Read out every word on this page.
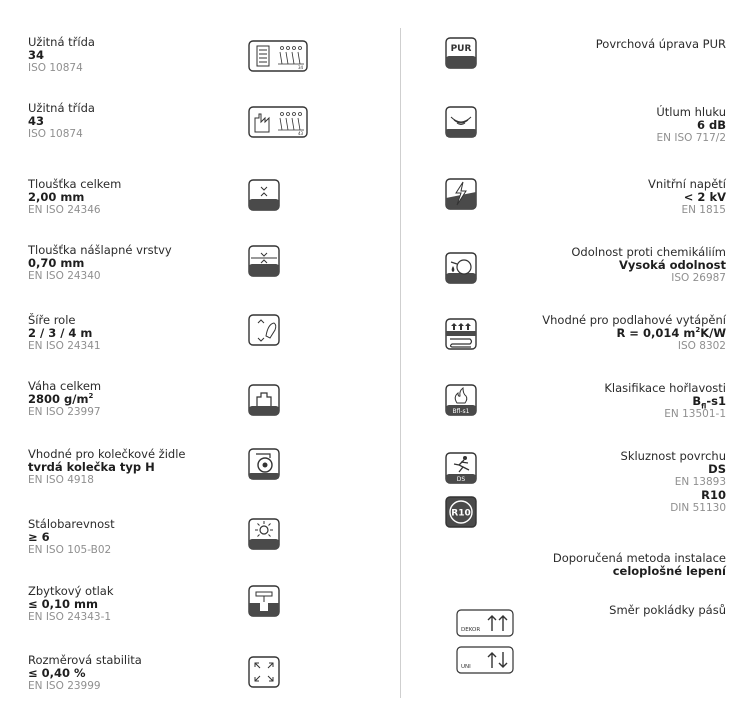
Užitná třída
34
ISO 10874	34
Užitná třída
43
ISO 10874	43
Tloušťka celkem
2,00 mm
EN ISO 24346
Tloušťka nášlapné vrstvy
0,70 mm
EN ISO 24340
Šíře role
2 / 3 / 4 m
EN ISO 24341
Váha celkem
2800 $g/m^2$
EN ISO 23997
Vhodné pro kolečkové židle
tvrdá kolečka typ H
EN ISO 4918
Stálobarevnost
≥ 6
EN ISO 105-B02
Zbytkový otlak
≤ 0,10 mm
EN ISO 24343-1
Rozměrová stabilita
≤ 0,40 %
EN ISO 23999
PUR	Povrchová úprava PUR
Útlum hluku
6 dB
EN ISO 717/2
Vnitřní napětí
< 2 kV
EN 1815
Odolnost proti chemikáliím
Vysoká odolnost
ISO 26987
Vhodné pro podlahové vytápění
R = 0,014 $m^2K/W$
ISO 8302
Bfl-s1
Klasifikace hořlavosti
$B_{fl}-s1$
EN 13501-1
DS
R10
Skluznost povrchu
DS
EN 13893
R10
DIN 51130
Doporučená metoda instalace
celoplošné lepení
Směr pokládky pásů
DEKOR
UNI
